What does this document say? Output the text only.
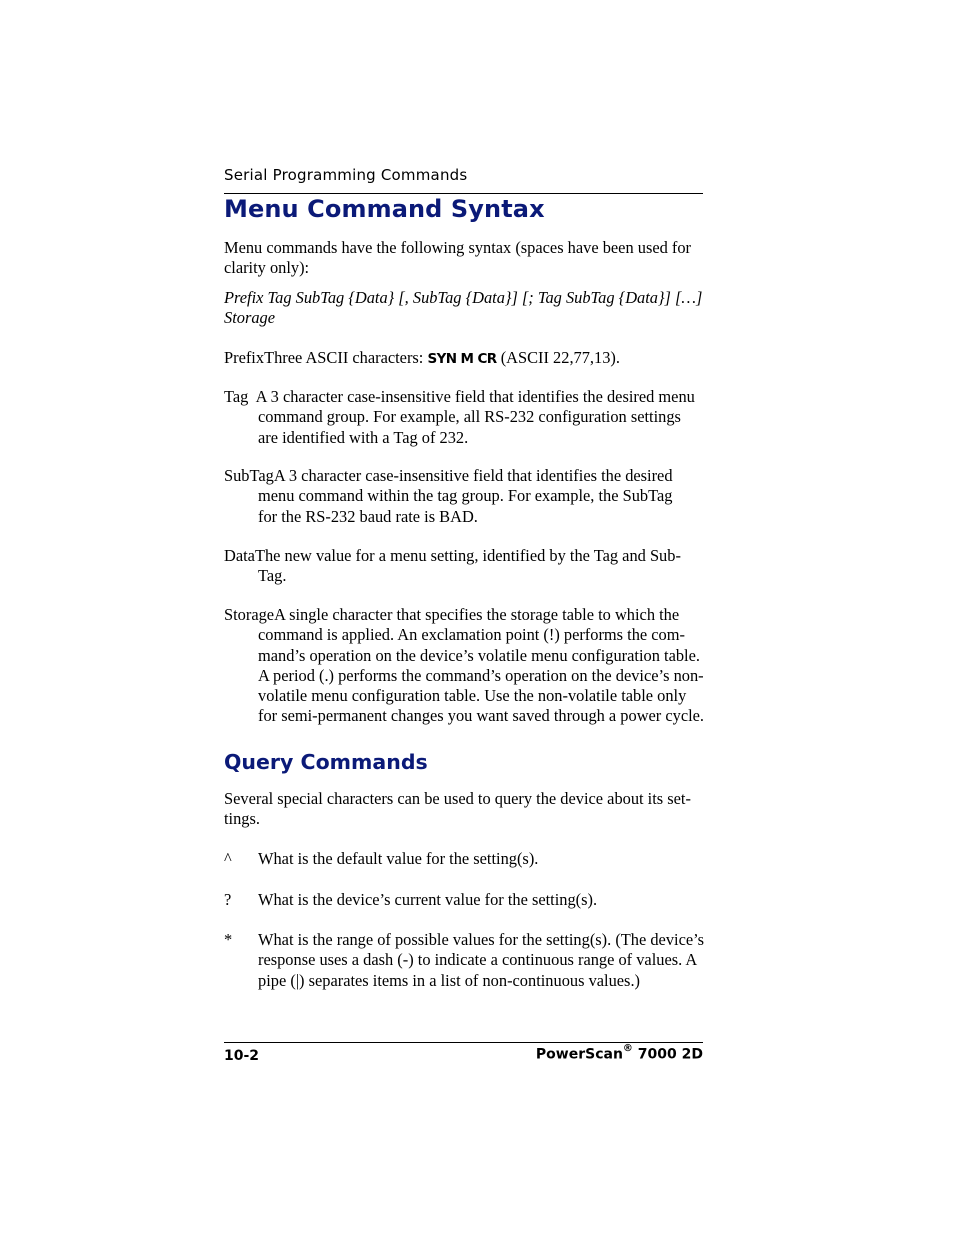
Serial Programming Commands
Menu Command Syntax
Menu commands have the following syntax (spaces have been used for
clarity only):
Prefix Tag SubTag {Data} [, SubTag {Data}] [; Tag SubTag {Data}] […]
Storage
PrefixThree ASCII characters: SYN M CR (ASCII 22,77,13).
Tag A 3 character case-insensitive field that identifies the desired menu
command group. For example, all RS-232 configuration settings
are identified with a Tag of 232.
SubTagA 3 character case-insensitive field that identifies the desired
menu command within the tag group. For example, the SubTag
for the RS-232 baud rate is BAD.
DataThe new value for a menu setting, identified by the Tag and Sub-
Tag.
StorageA single character that specifies the storage table to which the
command is applied. An exclamation point (!) performs the com-
mand’s operation on the device’s volatile menu configuration table.
A period (.) performs the command’s operation on the device’s non-
volatile menu configuration table. Use the non-volatile table only
for semi-permanent changes you want saved through a power cycle.
Query Commands
Several special characters can be used to query the device about its set-
tings.
^ What is the default value for the setting(s).
? What is the device’s current value for the setting(s).
* What is the range of possible values for the setting(s). (The device’s
response uses a dash (-) to indicate a continuous range of values. A
pipe (|) separates items in a list of non-continuous values.)
10-2	PowerScan® 7000 2D
